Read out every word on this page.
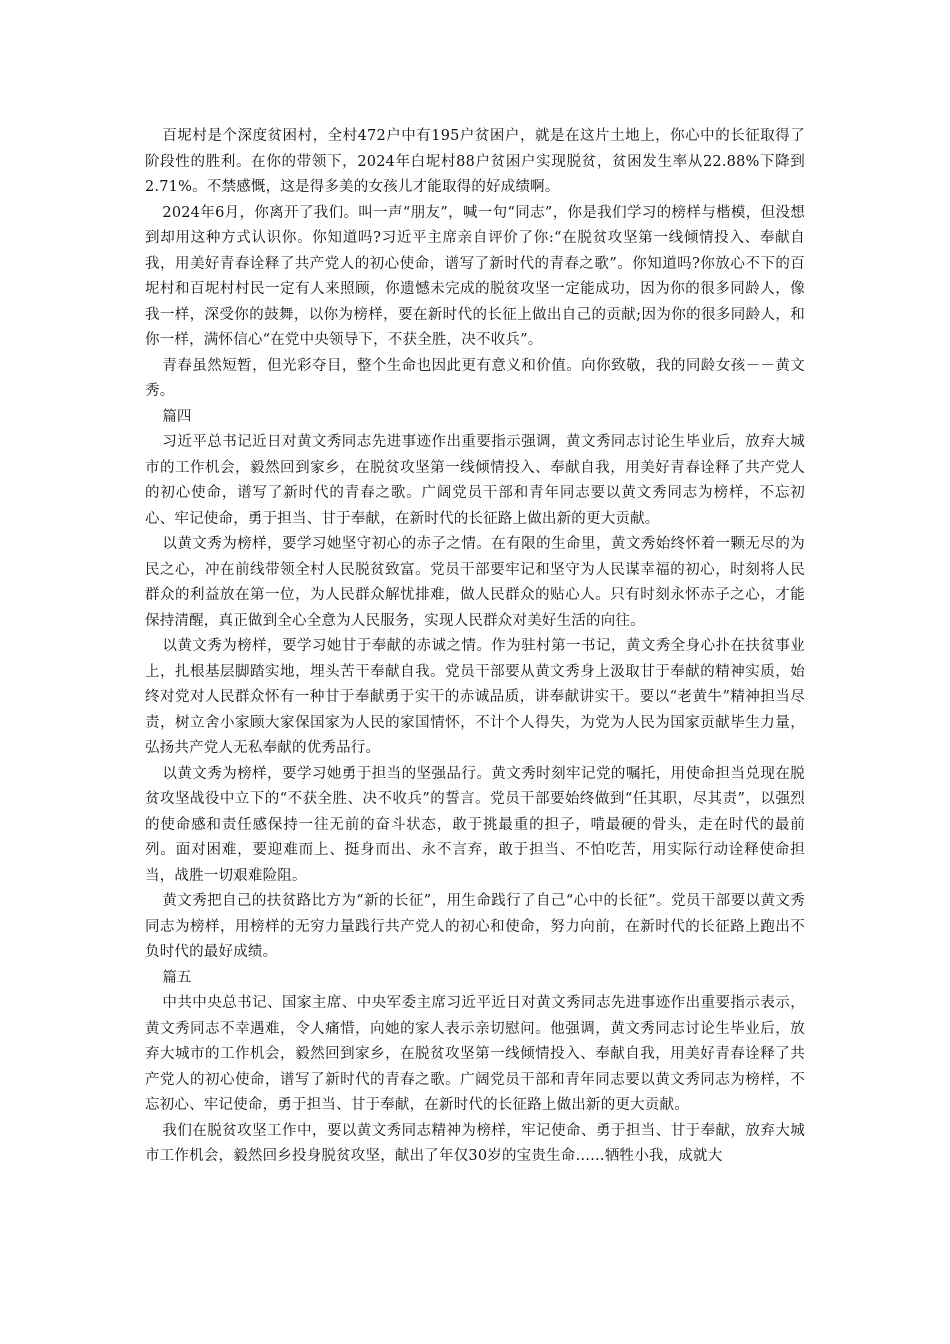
百坭村是个深度贫困村，全村472户中有195户贫困户，就是在这片土地上，你心中的长征取得了阶段性的胜利。在你的带领下，2024年白坭村88户贫困户实现脱贫，贫困发生率从22.88%下降到2.71%。不禁感慨，这是得多美的女孩儿才能取得的好成绩啊。

2024年6月，你离开了我们。叫一声“朋友”，喊一句“同志”，你是我们学习的榜样与楷模，但没想到却用这种方式认识你。你知道吗?习近平主席亲自评价了你:“在脱贫攻坚第一线倾情投入、奉献自我，用美好青春诠释了共产党人的初心使命，谱写了新时代的青春之歌”。你知道吗?你放心不下的百坭村和百坭村村民一定有人来照顾，你遗憾未完成的脱贫攻坚一定能成功，因为你的很多同龄人，像我一样，深受你的鼓舞，以你为榜样，要在新时代的长征上做出自己的贡献;因为你的很多同龄人，和你一样，满怀信心“在党中央领导下，不获全胜，决不收兵”。

青春虽然短暂，但光彩夺目，整个生命也因此更有意义和价值。向你致敬，我的同龄女孩－－黄文秀。

篇四

习近平总书记近日对黄文秀同志先进事迹作出重要指示强调，黄文秀同志讨论生毕业后，放弃大城市的工作机会，毅然回到家乡，在脱贫攻坚第一线倾情投入、奉献自我，用美好青春诠释了共产党人的初心使命，谱写了新时代的青春之歌。广阔党员干部和青年同志要以黄文秀同志为榜样，不忘初心、牢记使命，勇于担当、甘于奉献，在新时代的长征路上做出新的更大贡献。

以黄文秀为榜样，要学习她坚守初心的赤子之情。在有限的生命里，黄文秀始终怀着一颗无尽的为民之心，冲在前线带领全村人民脱贫致富。党员干部要牢记和坚守为人民谋幸福的初心，时刻将人民群众的利益放在第一位，为人民群众解忧排难，做人民群众的贴心人。只有时刻永怀赤子之心，才能保持清醒，真正做到全心全意为人民服务，实现人民群众对美好生活的向往。

以黄文秀为榜样，要学习她甘于奉献的赤诚之情。作为驻村第一书记，黄文秀全身心扑在扶贫事业上，扎根基层脚踏实地，埋头苦干奉献自我。党员干部要从黄文秀身上汲取甘于奉献的精神实质，始终对党对人民群众怀有一种甘于奉献勇于实干的赤诚品质，讲奉献讲实干。要以“老黄牛”精神担当尽责，树立舍小家顾大家保国家为人民的家国情怀，不计个人得失，为党为人民为国家贡献毕生力量，弘扬共产党人无私奉献的优秀品行。

以黄文秀为榜样，要学习她勇于担当的坚强品行。黄文秀时刻牢记党的嘱托，用使命担当兑现在脱贫攻坚战役中立下的“不获全胜、决不收兵”的誓言。党员干部要始终做到“任其职，尽其责”，以强烈的使命感和责任感保持一往无前的奋斗状态，敢于挑最重的担子，啃最硬的骨头，走在时代的最前列。面对困难，要迎难而上、挺身而出、永不言弃，敢于担当、不怕吃苦，用实际行动诠释使命担当，战胜一切艰难险阻。

黄文秀把自己的扶贫路比方为“新的长征”，用生命践行了自己“心中的长征”。党员干部要以黄文秀同志为榜样，用榜样的无穷力量践行共产党人的初心和使命，努力向前，在新时代的长征路上跑出不负时代的最好成绩。

篇五

中共中央总书记、国家主席、中央军委主席习近平近日对黄文秀同志先进事迹作出重要指示表示，黄文秀同志不幸遇难，令人痛惜，向她的家人表示亲切慰问。他强调，黄文秀同志讨论生毕业后，放弃大城市的工作机会，毅然回到家乡，在脱贫攻坚第一线倾情投入、奉献自我，用美好青春诠释了共产党人的初心使命，谱写了新时代的青春之歌。广阔党员干部和青年同志要以黄文秀同志为榜样，不忘初心、牢记使命，勇于担当、甘于奉献，在新时代的长征路上做出新的更大贡献。

我们在脱贫攻坚工作中，要以黄文秀同志精神为榜样，牢记使命、勇于担当、甘于奉献，放弃大城市工作机会，毅然回乡投身脱贫攻坚，献出了年仅30岁的宝贵生命……牺牲小我，成就大
